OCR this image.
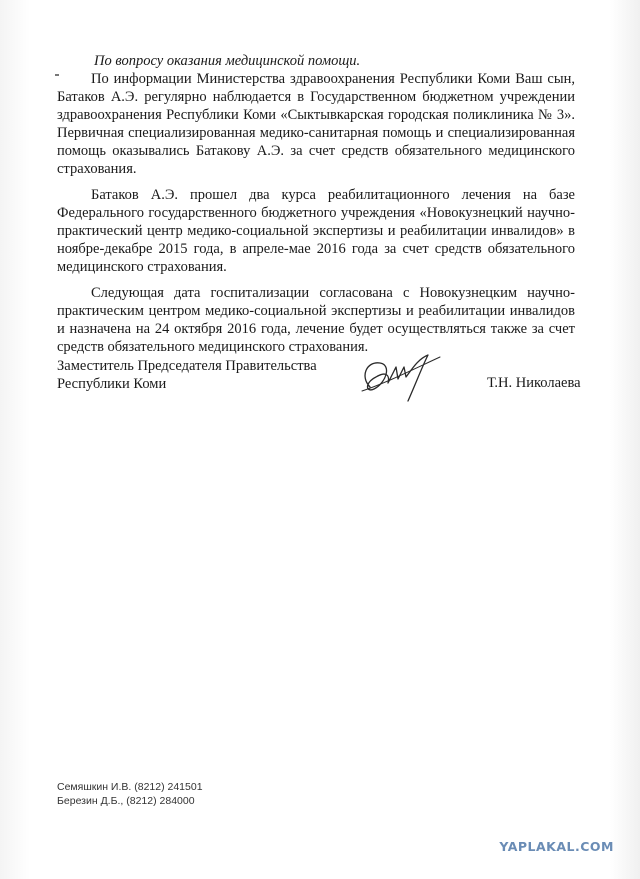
По вопросу оказания медицинской помощи.

По информации Министерства здравоохранения Республики Коми Ваш сын, Батаков А.Э. регулярно наблюдается в Государственном бюджетном учреждении здравоохранения Республики Коми «Сыктывкарская городская поликлиника № 3». Первичная специализированная медико-санитарная помощь и специализированная помощь оказывались Батакову А.Э. за счет средств обязательного медицинского страхования.

Батаков А.Э. прошел два курса реабилитационного лечения на базе Федерального государственного бюджетного учреждения «Новокузнецкий научно-практический центр медико-социальной экспертизы и реабилитации инвалидов» в ноябре-декабре 2015 года, в апреле-мае 2016 года за счет средств обязательного медицинского страхования.

Следующая дата госпитализации согласована с Новокузнецким научно-практическим центром медико-социальной экспертизы и реабилитации инвалидов и назначена на 24 октября 2016 года, лечение будет осуществляться также за счет средств обязательного медицинского страхования.

Заместитель Председателя Правительства
Республики Коми	Т.Н. Николаева
Семяшкин И.В. (8212) 241501
Березин Д.Б., (8212) 284000
YAPLAKAL.COM
